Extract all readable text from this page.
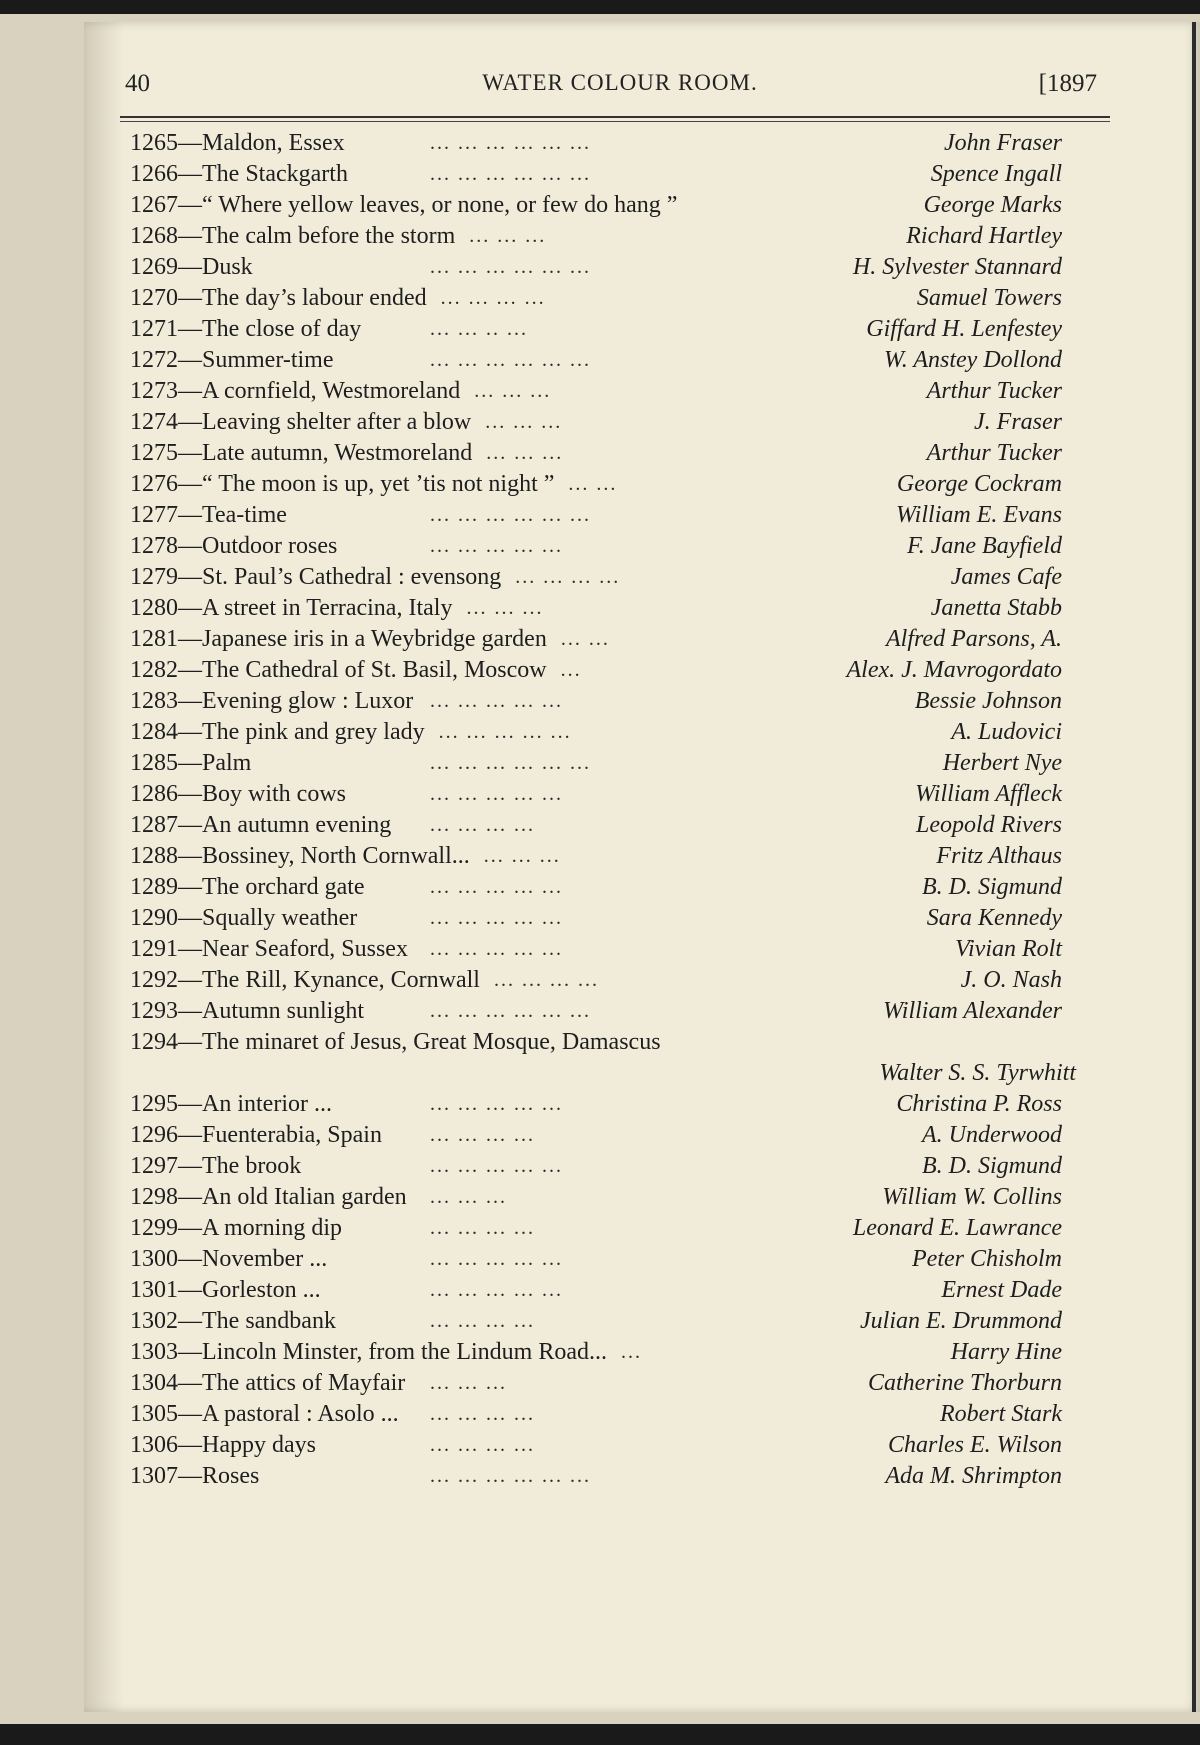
40	WATER COLOUR ROOM.	[1897
1265—Maldon, Essex	... ... ... ... ... ...	John Fraser
1266—The Stackgarth	... ... ... ... ... ...	Spence Ingall
1267—“ Where yellow leaves, or none, or few do hang ”	George Marks
1268—The calm before the storm ... ... ...	Richard Hartley
1269—Dusk	... ... ... ... ... ...	H. Sylvester Stannard
1270—The day’s labour ended ... ... ... ...	Samuel Towers
1271—The close of day	... ... .. ...	Giffard H. Lenfestey
1272—Summer-time	... ... ... ... ... ...	W. Anstey Dollond
1273—A cornfield, Westmoreland ... ... ...	Arthur Tucker
1274—Leaving shelter after a blow ... ... ...	J. Fraser
1275—Late autumn, Westmoreland ... ... ...	Arthur Tucker
1276—“ The moon is up, yet ’tis not night ” ... ...	George Cockram
1277—Tea-time	... ... ... ... ... ...	William E. Evans
1278—Outdoor roses	... ... ... ... ...	F. Jane Bayfield
1279—St. Paul’s Cathedral : evensong ... ... ... ...	James Cafe
1280—A street in Terracina, Italy ... ... ...	Janetta Stabb
1281—Japanese iris in a Weybridge garden ... ...	Alfred Parsons, A.
1282—The Cathedral of St. Basil, Moscow ...	Alex. J. Mavrogordato
1283—Evening glow : Luxor ... ... ... ... ...	Bessie Johnson
1284—The pink and grey lady ... ... ... ... ...	A. Ludovici
1285—Palm	... ... ... ... ... ...	Herbert Nye
1286—Boy with cows	... ... ... ... ...	William Affleck
1287—An autumn evening ... ... ... ...	Leopold Rivers
1288—Bossiney, North Cornwall... ... ... ...	Fritz Althaus
1289—The orchard gate	... ... ... ... ...	B. D. Sigmund
1290—Squally weather	... ... ... ... ...	Sara Kennedy
1291—Near Seaford, Sussex ... ... ... ... ...	Vivian Rolt
1292—The Rill, Kynance, Cornwall ... ... ... ...	J. O. Nash
1293—Autumn sunlight	... ... ... ... ... ...	William Alexander
1294—The minaret of Jesus, Great Mosque, Damascus
Walter S. S. Tyrwhitt
1295—An interior ...	... ... ... ... ...	Christina P. Ross
1296—Fuenterabia, Spain ... ... ... ...	A. Underwood
1297—The brook	... ... ... ... ...	B. D. Sigmund
1298—An old Italian garden ... ... ...	William W. Collins
1299—A morning dip	... ... ... ...	Leonard E. Lawrance
1300—November ...	... ... ... ... ...	Peter Chisholm
1301—Gorleston ...	... ... ... ... ...	Ernest Dade
1302—The sandbank	... ... ... ...	Julian E. Drummond
1303—Lincoln Minster, from the Lindum Road... ...	Harry Hine
1304—The attics of Mayfair ... ... ...	Catherine Thorburn
1305—A pastoral : Asolo ... ... ... ... ...	Robert Stark
1306—Happy days	... ... ... ...	Charles E. Wilson
1307—Roses	... ... ... ... ... ...	Ada M. Shrimpton
